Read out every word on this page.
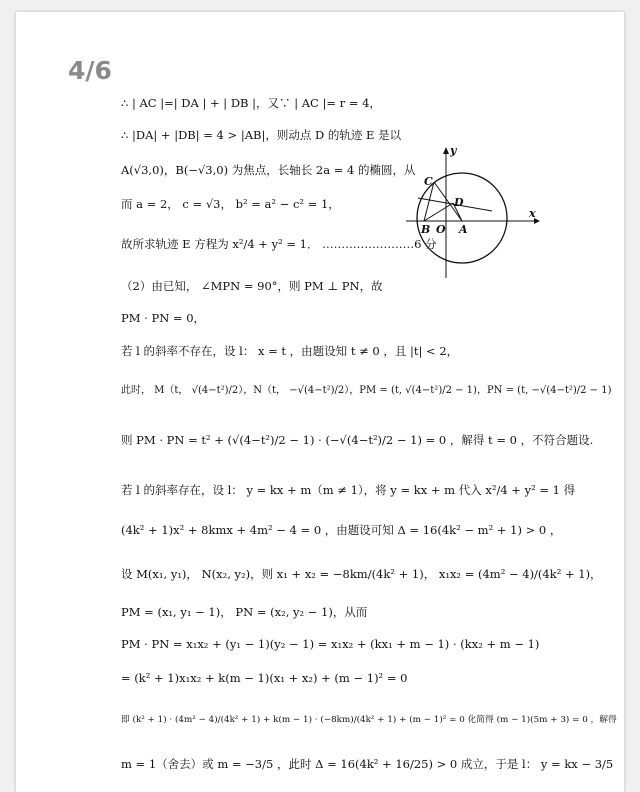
4/6
∴ | AC |=| DA | + | DB |，又∵ | AC |= r = 4，
∴ |DA| + |DB| = 4 > |AB|，则动点 D 的轨迹 E 是以
A(√3,0)，B(−√3,0) 为焦点，长轴长 2a = 4 的椭圆，从
而 a = 2， c = √3， b² = a² − c² = 1，
故所求轨迹 E 方程为 x²/4 + y² = 1． ……………………6 分
（2）由已知， ∠MPN = 90°，则 PM ⊥ PN，故
PM · PN = 0，
若 l 的斜率不存在，设 l： x = t ，由题设知 t ≠ 0 ，且 |t| < 2，
此时， M（t， √(4−t²)/2），N（t， −√(4−t²)/2），PM = (t, √(4−t²)/2 − 1)，PN = (t, −√(4−t²)/2 − 1)
则 PM · PN = t² + (√(4−t²)/2 − 1) · (−√(4−t²)/2 − 1) = 0 ，解得 t = 0 ，不符合题设.
若 l 的斜率存在，设 l： y = kx + m（m ≠ 1），将 y = kx + m 代入 x²/4 + y² = 1 得
(4k² + 1)x² + 8kmx + 4m² − 4 = 0 ，由题设可知 Δ = 16(4k² − m² + 1) > 0 ，
设 M(x₁, y₁)， N(x₂, y₂)，则 x₁ + x₂ = −8km/(4k² + 1)， x₁x₂ = (4m² − 4)/(4k² + 1)，
PM = (x₁, y₁ − 1)， PN = (x₂, y₂ − 1)，从而
PM · PN = x₁x₂ + (y₁ − 1)(y₂ − 1) = x₁x₂ + (kx₁ + m − 1) · (kx₂ + m − 1)
= (k² + 1)x₁x₂ + k(m − 1)(x₁ + x₂) + (m − 1)² = 0
即 (k² + 1) · (4m² − 4)/(4k² + 1) + k(m − 1) · (−8km)/(4k² + 1) + (m − 1)² = 0 化简得 (m − 1)(5m + 3) = 0 ，解得
m = 1（舍去）或 m = −3/5 ，此时 Δ = 16(4k² + 16/25) > 0 成立，于是 l： y = kx − 3/5
C
D
B O A
x
y
